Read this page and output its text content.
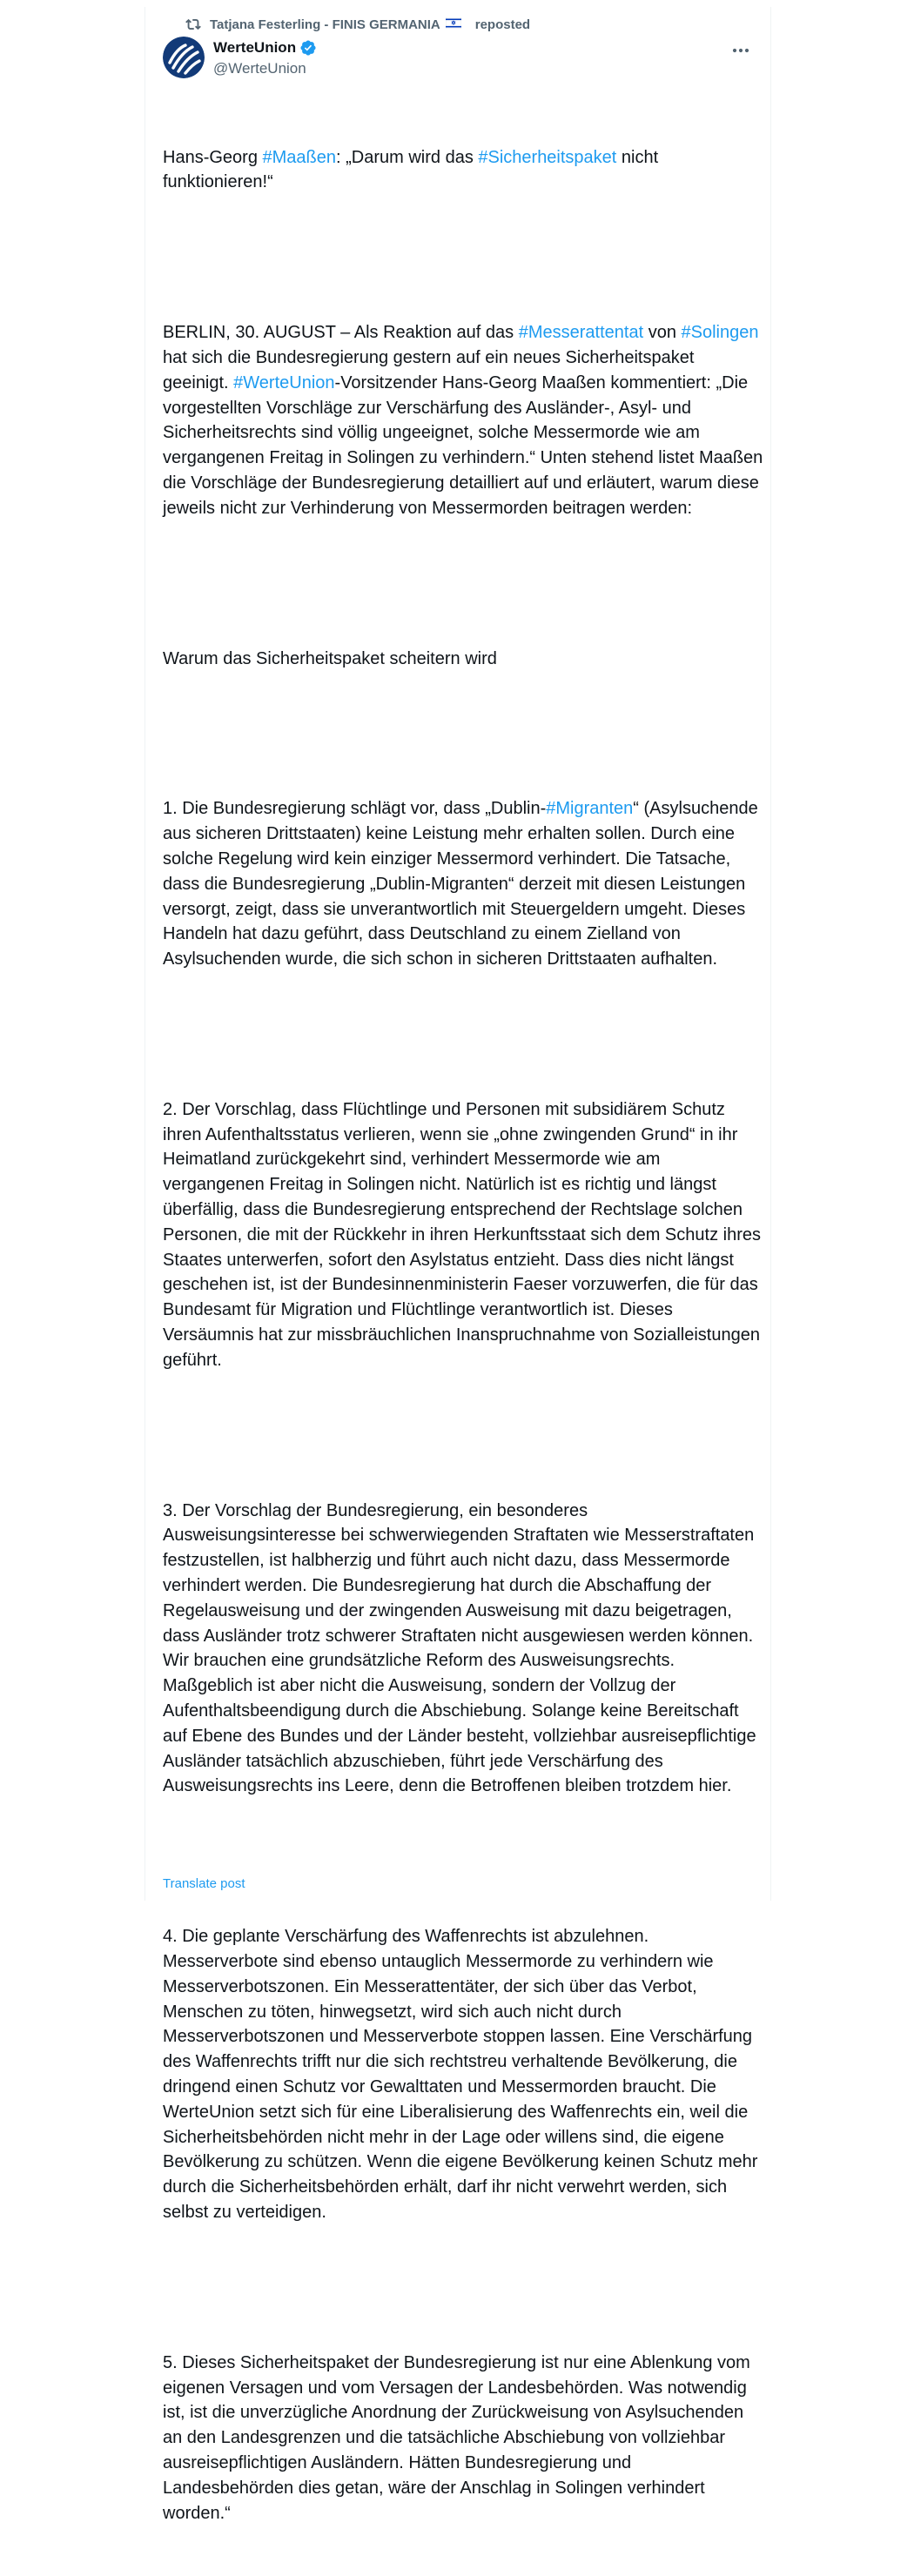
Tatjana Festerling - FINIS GERMANIA	reposted
WerteUnion
@WerteUnion

Hans-Georg #Maaßen: „Darum wird das #Sicherheitspaket nicht funktionieren!“

BERLIN, 30. AUGUST – Als Reaktion auf das #Messerattentat von #Solingen hat sich die Bundesregierung gestern auf ein neues Sicherheitspaket geeinigt. #WerteUnion-Vorsitzender Hans-Georg Maaßen kommentiert: „Die vorgestellten Vorschläge zur Verschärfung des Ausländer-, Asyl- und Sicherheitsrechts sind völlig ungeeignet, solche Messermorde wie am vergangenen Freitag in Solingen zu verhindern.“ Unten stehend listet Maaßen die Vorschläge der Bundesregierung detailliert auf und erläutert, warum diese jeweils nicht zur Verhinderung von Messermorden beitragen werden:

Warum das Sicherheitspaket scheitern wird

1. Die Bundesregierung schlägt vor, dass „Dublin-#Migranten“ (Asylsuchende aus sicheren Drittstaaten) keine Leistung mehr erhalten sollen. Durch eine solche Regelung wird kein einziger Messermord verhindert. Die Tatsache, dass die Bundesregierung „Dublin-Migranten“ derzeit mit diesen Leistungen versorgt, zeigt, dass sie unverantwortlich mit Steuergeldern umgeht. Dieses Handeln hat dazu geführt, dass Deutschland zu einem Zielland von Asylsuchenden wurde, die sich schon in sicheren Drittstaaten aufhalten.

2. Der Vorschlag, dass Flüchtlinge und Personen mit subsidiärem Schutz ihren Aufenthaltsstatus verlieren, wenn sie „ohne zwingenden Grund“ in ihr Heimatland zurückgekehrt sind, verhindert Messermorde wie am vergangenen Freitag in Solingen nicht. Natürlich ist es richtig und längst überfällig, dass die Bundesregierung entsprechend der Rechtslage solchen Personen, die mit der Rückkehr in ihren Herkunftsstaat sich dem Schutz ihres Staates unterwerfen, sofort den Asylstatus entzieht. Dass dies nicht längst geschehen ist, ist der Bundesinnenministerin Faeser vorzuwerfen, die für das Bundesamt für Migration und Flüchtlinge verantwortlich ist. Dieses Versäumnis hat zur missbräuchlichen Inanspruchnahme von Sozialleistungen geführt.

3. Der Vorschlag der Bundesregierung, ein besonderes Ausweisungsinteresse bei schwerwiegenden Straftaten wie Messerstraftaten festzustellen, ist halbherzig und führt auch nicht dazu, dass Messermorde verhindert werden. Die Bundesregierung hat durch die Abschaffung der Regelausweisung und der zwingenden Ausweisung mit dazu beigetragen, dass Ausländer trotz schwerer Straftaten nicht ausgewiesen werden können. Wir brauchen eine grundsätzliche Reform des Ausweisungsrechts. Maßgeblich ist aber nicht die Ausweisung, sondern der Vollzug der Aufenthaltsbeendigung durch die Abschiebung. Solange keine Bereitschaft auf Ebene des Bundes und der Länder besteht, vollziehbar ausreisepflichtige Ausländer tatsächlich abzuschieben, führt jede Verschärfung des Ausweisungsrechts ins Leere, denn die Betroffenen bleiben trotzdem hier.

4. Die geplante Verschärfung des Waffenrechts ist abzulehnen. Messerverbote sind ebenso untauglich Messermorde zu verhindern wie Messerverbotszonen. Ein Messerattentäter, der sich über das Verbot, Menschen zu töten, hinwegsetzt, wird sich auch nicht durch Messerverbotszonen und Messerverbote stoppen lassen. Eine Verschärfung des Waffenrechts trifft nur die sich rechtstreu verhaltende Bevölkerung, die dringend einen Schutz vor Gewalttaten und Messermorden braucht. Die WerteUnion setzt sich für eine Liberalisierung des Waffenrechts ein, weil die Sicherheitsbehörden nicht mehr in der Lage oder willens sind, die eigene Bevölkerung zu schützen. Wenn die eigene Bevölkerung keinen Schutz mehr durch die Sicherheitsbehörden erhält, darf ihr nicht verwehrt werden, sich selbst zu verteidigen.

5. Dieses Sicherheitspaket der Bundesregierung ist nur eine Ablenkung vom eigenen Versagen und vom Versagen der Landesbehörden. Was notwendig ist, ist die unverzügliche Anordnung der Zurückweisung von Asylsuchenden an den Landesgrenzen und die tatsächliche Abschiebung von vollziehbar ausreisepflichtigen Ausländern. Hätten Bundesregierung und Landesbehörden dies getan, wäre der Anschlag in Solingen verhindert worden.“

Translate post
